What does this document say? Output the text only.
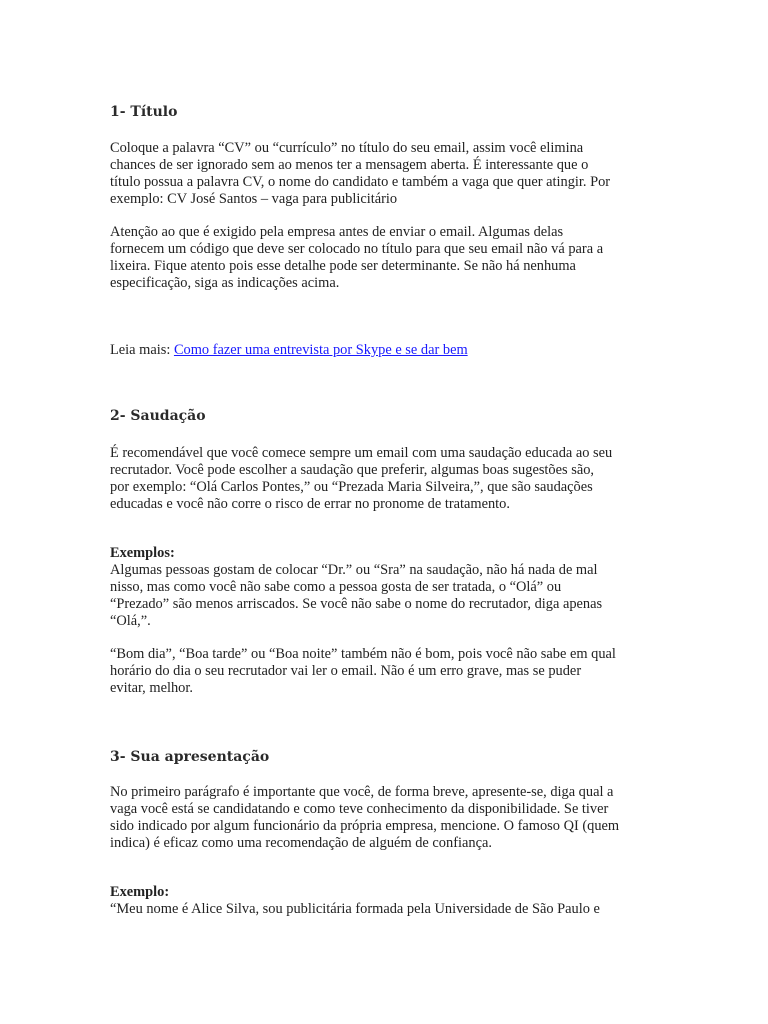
1- Título
Coloque a palavra “CV” ou “currículo” no título do seu email, assim você elimina
chances de ser ignorado sem ao menos ter a mensagem aberta. É interessante que o
título possua a palavra CV, o nome do candidato e também a vaga que quer atingir. Por
exemplo: CV José Santos – vaga para publicitário
Atenção ao que é exigido pela empresa antes de enviar o email. Algumas delas
fornecem um código que deve ser colocado no título para que seu email não vá para a
lixeira. Fique atento pois esse detalhe pode ser determinante. Se não há nenhuma
especificação, siga as indicações acima.
Leia mais: Como fazer uma entrevista por Skype e se dar bem
2- Saudação
É recomendável que você comece sempre um email com uma saudação educada ao seu
recrutador. Você pode escolher a saudação que preferir, algumas boas sugestões são,
por exemplo: “Olá Carlos Pontes,” ou “Prezada Maria Silveira,”, que são saudações
educadas e você não corre o risco de errar no pronome de tratamento.
Exemplos:
Algumas pessoas gostam de colocar “Dr.” ou “Sra” na saudação, não há nada de mal
nisso, mas como você não sabe como a pessoa gosta de ser tratada, o “Olá” ou
“Prezado” são menos arriscados. Se você não sabe o nome do recrutador, diga apenas
“Olá,”.
“Bom dia”, “Boa tarde” ou “Boa noite” também não é bom, pois você não sabe em qual
horário do dia o seu recrutador vai ler o email. Não é um erro grave, mas se puder
evitar, melhor.
3- Sua apresentação
No primeiro parágrafo é importante que você, de forma breve, apresente-se, diga qual a
vaga você está se candidatando e como teve conhecimento da disponibilidade. Se tiver
sido indicado por algum funcionário da própria empresa, mencione. O famoso QI (quem
indica) é eficaz como uma recomendação de alguém de confiança.
Exemplo:
“Meu nome é Alice Silva, sou publicitária formada pela Universidade de São Paulo e
